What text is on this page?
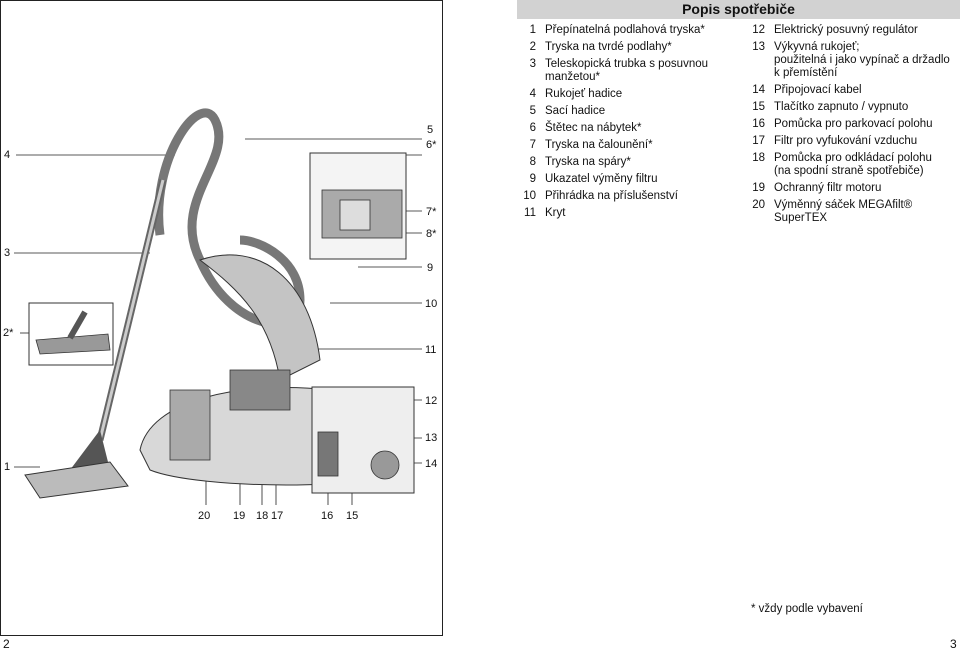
4
3
2*
1
5
6*
7*
8*
9
10
11
12
13
14
20 19 18 17	16 15
2	3
Popis spotřebiče
1 Přepínatelná podlahová tryska*
2 Tryska na tvrdé podlahy*
3 Teleskopická trubka s posuvnou
manžetou*
4 Rukojeť hadice
5 Sací hadice
6 Štětec na nábytek*
7 Tryska na čalounění*
8 Tryska na spáry*
9 Ukazatel výměny filtru
10 Přihrádka na příslušenství
11 Kryt
12 Elektrický posuvný regulátor
13 Výkyvná rukojeť;
použitelná i jako vypínač a držadlo
k přemístění
14 Připojovací kabel
15 Tlačítko zapnuto / vypnuto
16 Pomůcka pro parkovací polohu
17 Filtr pro vyfukování vzduchu
18 Pomůcka pro odkládací polohu
(na spodní straně spotřebiče)
19 Ochranný filtr motoru
20 Výměnný sáček MEGAfilt® SuperTEX
* vždy podle vybavení
